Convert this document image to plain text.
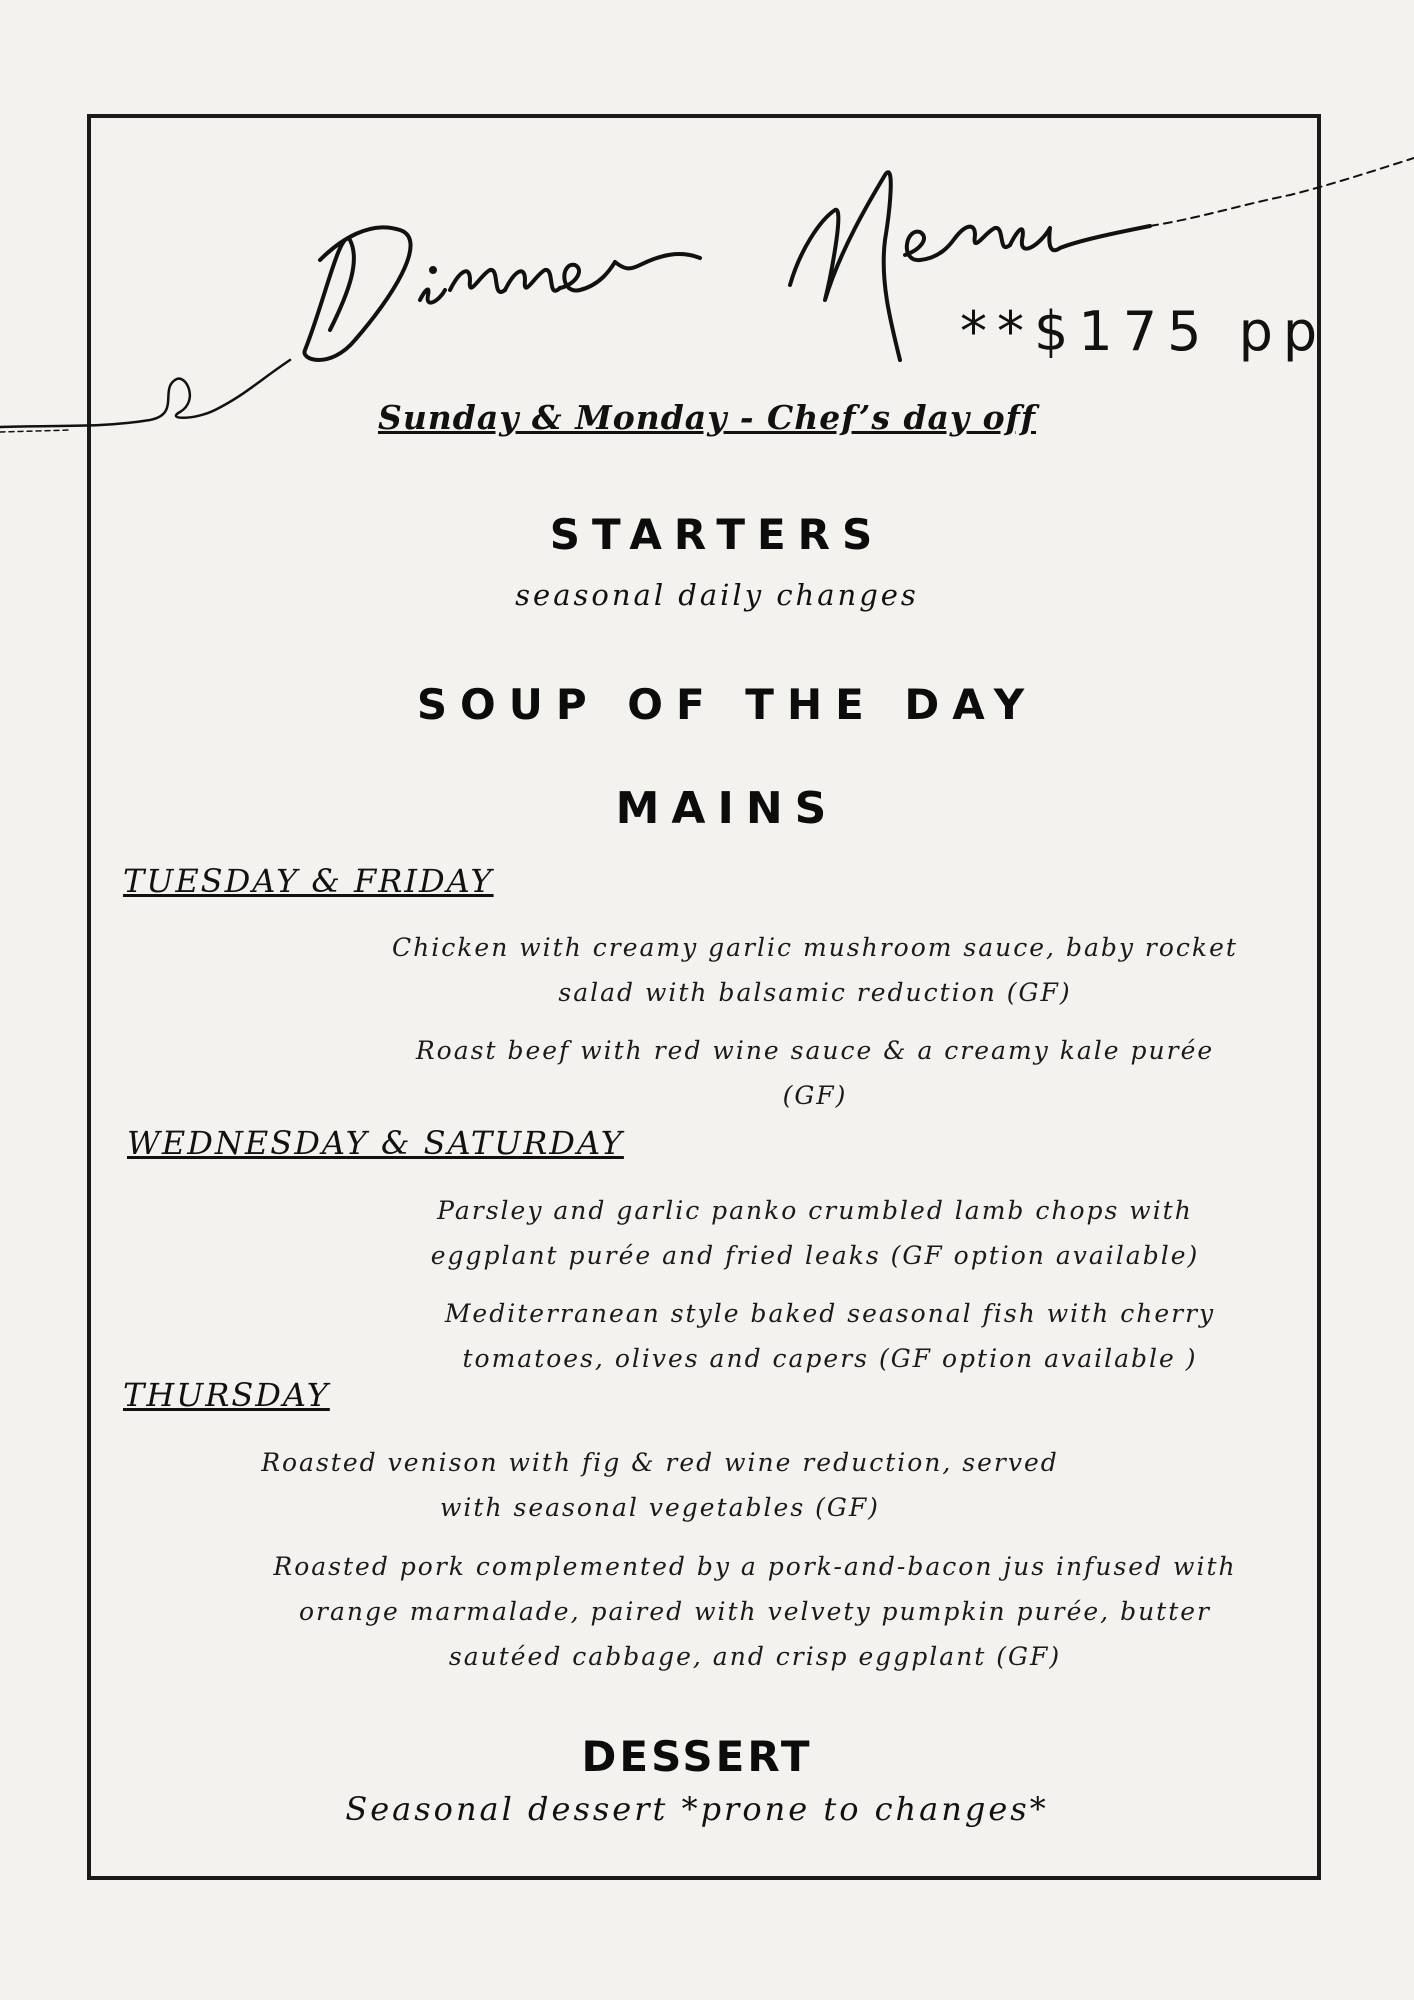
**$175 pp
Sunday & Monday - Chef’s day off
STARTERS
seasonal daily changes
SOUP OF THE DAY
MAINS
TUESDAY & FRIDAY
Chicken with creamy garlic mushroom sauce, baby rocket salad with balsamic reduction (GF)
Roast beef with red wine sauce & a creamy kale purée (GF)
WEDNESDAY & SATURDAY
Parsley and garlic panko crumbled lamb chops with eggplant purée and fried leaks (GF option available)
Mediterranean style baked seasonal fish with cherry tomatoes, olives and capers (GF option available )
THURSDAY
Roasted venison with fig & red wine reduction, served with seasonal vegetables (GF)
Roasted pork complemented by a pork-and-bacon jus infused with orange marmalade, paired with velvety pumpkin purée, butter sautéed cabbage, and crisp eggplant (GF)
DESSERT
Seasonal dessert *prone to changes*
